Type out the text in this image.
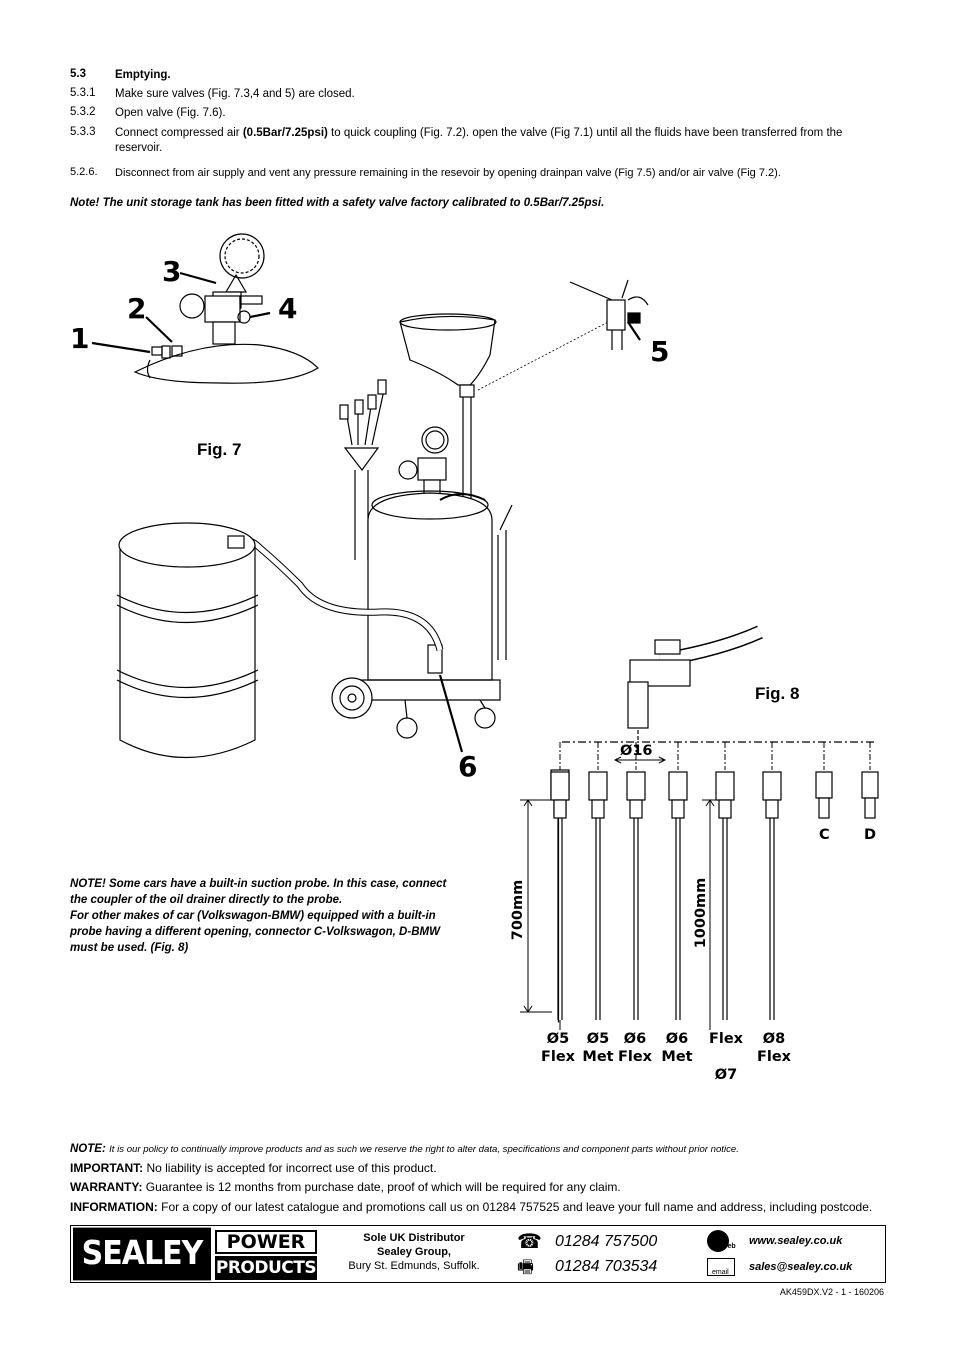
5.3	Emptying.
5.3.1 Make sure valves (Fig. 7.3,4 and 5) are closed.
5.3.2 Open valve (Fig. 7.6).
5.3.3 Connect compressed air (0.5Bar/7.25psi) to quick coupling (Fig. 7.2). open the valve (Fig 7.1) until all the fluids have been transferred from the reservoir.
5.2.6. Disconnect from air supply and vent any pressure remaining in the resevoir by opening drainpan valve (Fig 7.5) and/or air valve (Fig 7.2).
Note! The unit storage tank has been fitted with a safety valve factory calibrated to 0.5Bar/7.25psi.
Fig. 7
Fig. 8
1
2
3
4
5
6	Ø16
C D
700mm	1000mm
Ø5
Flex
Ø5
Met
Ø6
Flex
Ø6
Met
Flex
Ø7
Ø8
Flex
NOTE! Some cars have a built-in suction probe. In this case, connect
the coupler of the oil drainer directly to the probe.
For other makes of car (Volkswagon-BMW) equipped with a built-in
probe having a different opening, connector C-Volkswagon, D-BMW
must be used. (Fig. 8)
NOTE: It is our policy to continually improve products and as such we reserve the right to alter data, specifications and component parts without prior notice.
IMPORTANT: No liability is accepted for incorrect use of this product.
WARRANTY: Guarantee is 12 months from purchase date, proof of which will be required for any claim.
INFORMATION: For a copy of our latest catalogue and promotions call us on 01284 757525 and leave your full name and address, including postcode.
SEALEY	POWER
PRODUCTS
Sole UK Distributor
Sealey Group,
Bury St. Edmunds, Suffolk.
☎ 01284 757500
🖷 01284 703534
Web www.sealey.co.uk
email sales@sealey.co.uk
AK459DX.V2 - 1 - 160206
